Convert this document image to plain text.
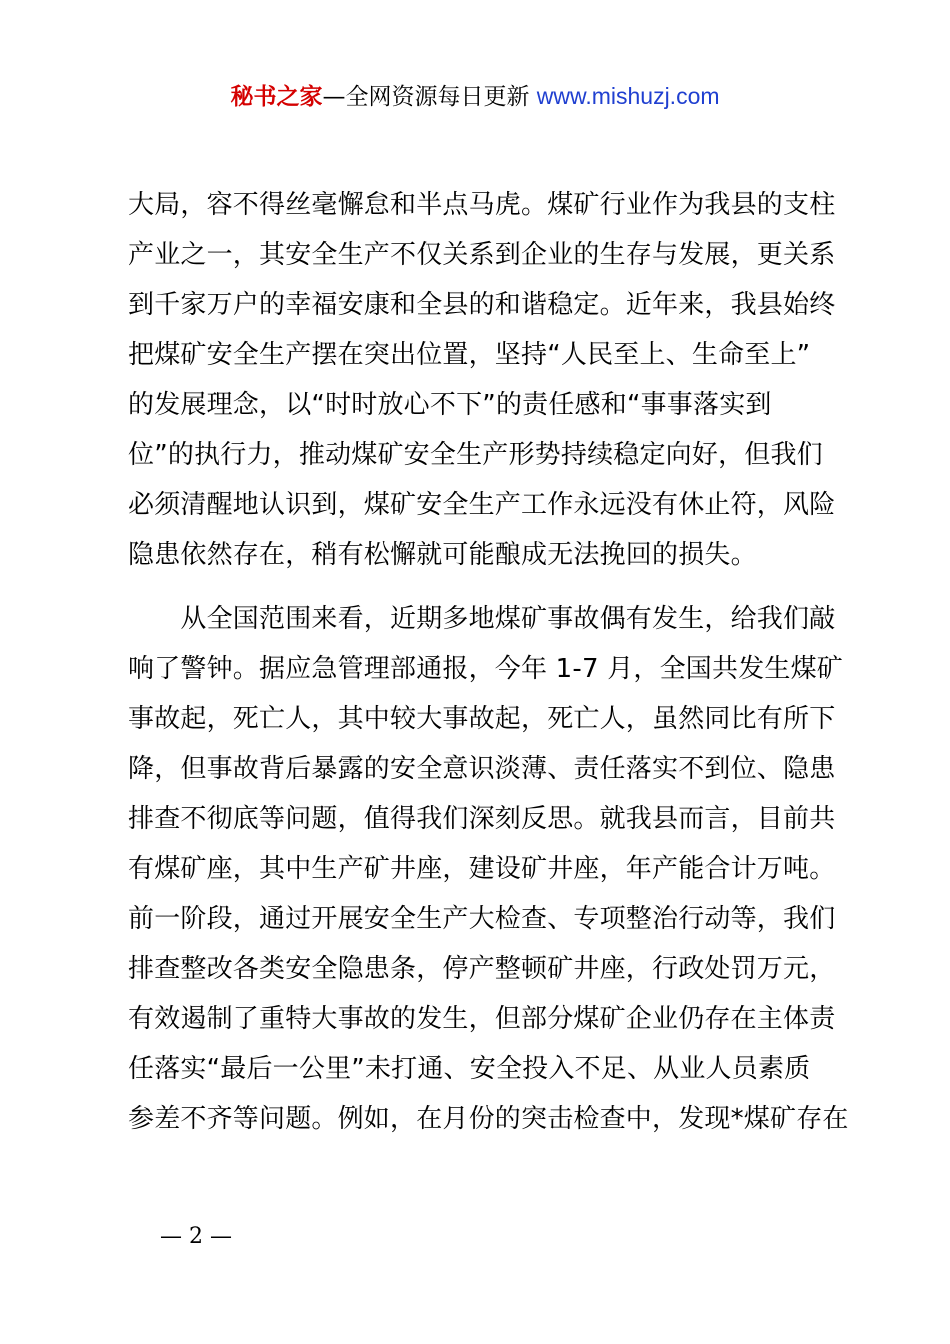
秘书之家—全网资源每日更新 www.mishuzj.com
大局，容不得丝毫懈怠和半点马虎。煤矿行业作为我县的支柱
产业之一，其安全生产不仅关系到企业的生存与发展，更关系
到千家万户的幸福安康和全县的和谐稳定。近年来，我县始终
把煤矿安全生产摆在突出位置，坚持“人民至上、生命至上”
的发展理念，以“时时放心不下”的责任感和“事事落实到
位”的执行力，推动煤矿安全生产形势持续稳定向好，但我们
必须清醒地认识到，煤矿安全生产工作永远没有休止符，风险
隐患依然存在，稍有松懈就可能酿成无法挽回的损失。
　　从全国范围来看，近期多地煤矿事故偶有发生，给我们敲
响了警钟。据应急管理部通报，今年 1-7 月，全国共发生煤矿
事故起，死亡人，其中较大事故起，死亡人，虽然同比有所下
降，但事故背后暴露的安全意识淡薄、责任落实不到位、隐患
排查不彻底等问题，值得我们深刻反思。就我县而言，目前共
有煤矿座，其中生产矿井座，建设矿井座，年产能合计万吨。
前一阶段，通过开展安全生产大检查、专项整治行动等，我们
排查整改各类安全隐患条，停产整顿矿井座，行政处罚万元，
有效遏制了重特大事故的发生，但部分煤矿企业仍存在主体责
任落实“最后一公里”未打通、安全投入不足、从业人员素质
参差不齐等问题。例如，在月份的突击检查中，发现*煤矿存在
— 2 —
